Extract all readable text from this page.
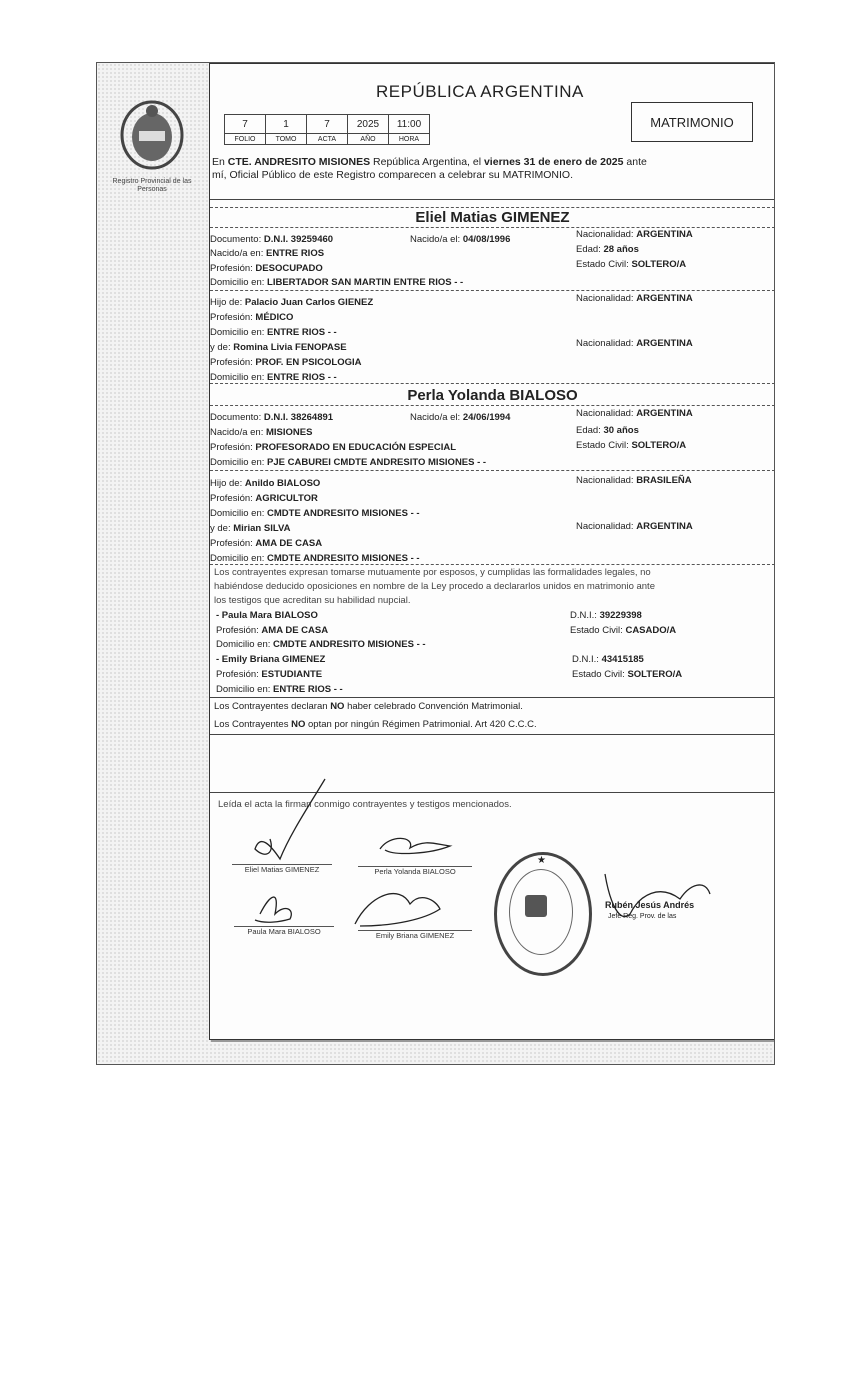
Registro Provincial de las Personas
REPÚBLICA ARGENTINA
7	1	7	2025	11:00
FOLIO	TOMO	ACTA	AÑO	HORA
MATRIMONIO
En CTE. ANDRESITO MISIONES República Argentina, el viernes 31 de enero de 2025 ante
mí, Oficial Público de este Registro comparecen a celebrar su MATRIMONIO.
Eliel Matias GIMENEZ
Documento: D.N.I. 39259460	Nacido/a el: 04/08/1996	Nacionalidad: ARGENTINA
Nacido/a en: ENTRE RIOS	Edad: 28 años
Profesión: DESOCUPADO	Estado Civil: SOLTERO/A
Domicilio en: LIBERTADOR SAN MARTIN ENTRE RIOS - -
Hijo de: Palacio Juan Carlos GIENEZ	Nacionalidad: ARGENTINA
Profesión: MÉDICO
Domicilio en: ENTRE RIOS - -
y de: Romina Livia FENOPASE	Nacionalidad: ARGENTINA
Profesión: PROF. EN PSICOLOGIA
Domicilio en: ENTRE RIOS - -
Perla Yolanda BIALOSO
Documento: D.N.I. 38264891	Nacido/a el: 24/06/1994	Nacionalidad: ARGENTINA
Nacido/a en: MISIONES	Edad: 30 años
Profesión: PROFESORADO EN EDUCACIÓN ESPECIAL	Estado Civil: SOLTERO/A
Domicilio en: PJE CABUREI CMDTE ANDRESITO MISIONES - -
Hijo de: Anildo BIALOSO	Nacionalidad: BRASILEÑA
Profesión: AGRICULTOR
Domicilio en: CMDTE ANDRESITO MISIONES - -
y de: Mirian SILVA	Nacionalidad: ARGENTINA
Profesión: AMA DE CASA
Domicilio en: CMDTE ANDRESITO MISIONES - -
Los contrayentes expresan tomarse mutuamente por esposos, y cumplidas las formalidades legales, no
habiéndose deducido oposiciones en nombre de la Ley procedo a declararlos unidos en matrimonio ante
los testigos que acreditan su habilidad nupcial.
- Paula Mara BIALOSO	D.N.I.: 39229398
Profesión: AMA DE CASA	Estado Civil: CASADO/A
Domicilio en: CMDTE ANDRESITO MISIONES - -
- Emily Briana GIMENEZ	D.N.I.: 43415185
Profesión: ESTUDIANTE	Estado Civil: SOLTERO/A
Domicilio en: ENTRE RIOS - -
Los Contrayentes declaran NO haber celebrado Convención Matrimonial.
Los Contrayentes NO optan por ningún Régimen Patrimonial. Art 420 C.C.C.
Leída el acta la firman conmigo contrayentes y testigos mencionados.
Eliel Matias GIMENEZ	Perla Yolanda BIALOSO
Paula Mara BIALOSO	Emily Briana GIMENEZ
★
Rubén Jesús Andrés
Jefe Reg. Prov. de las
